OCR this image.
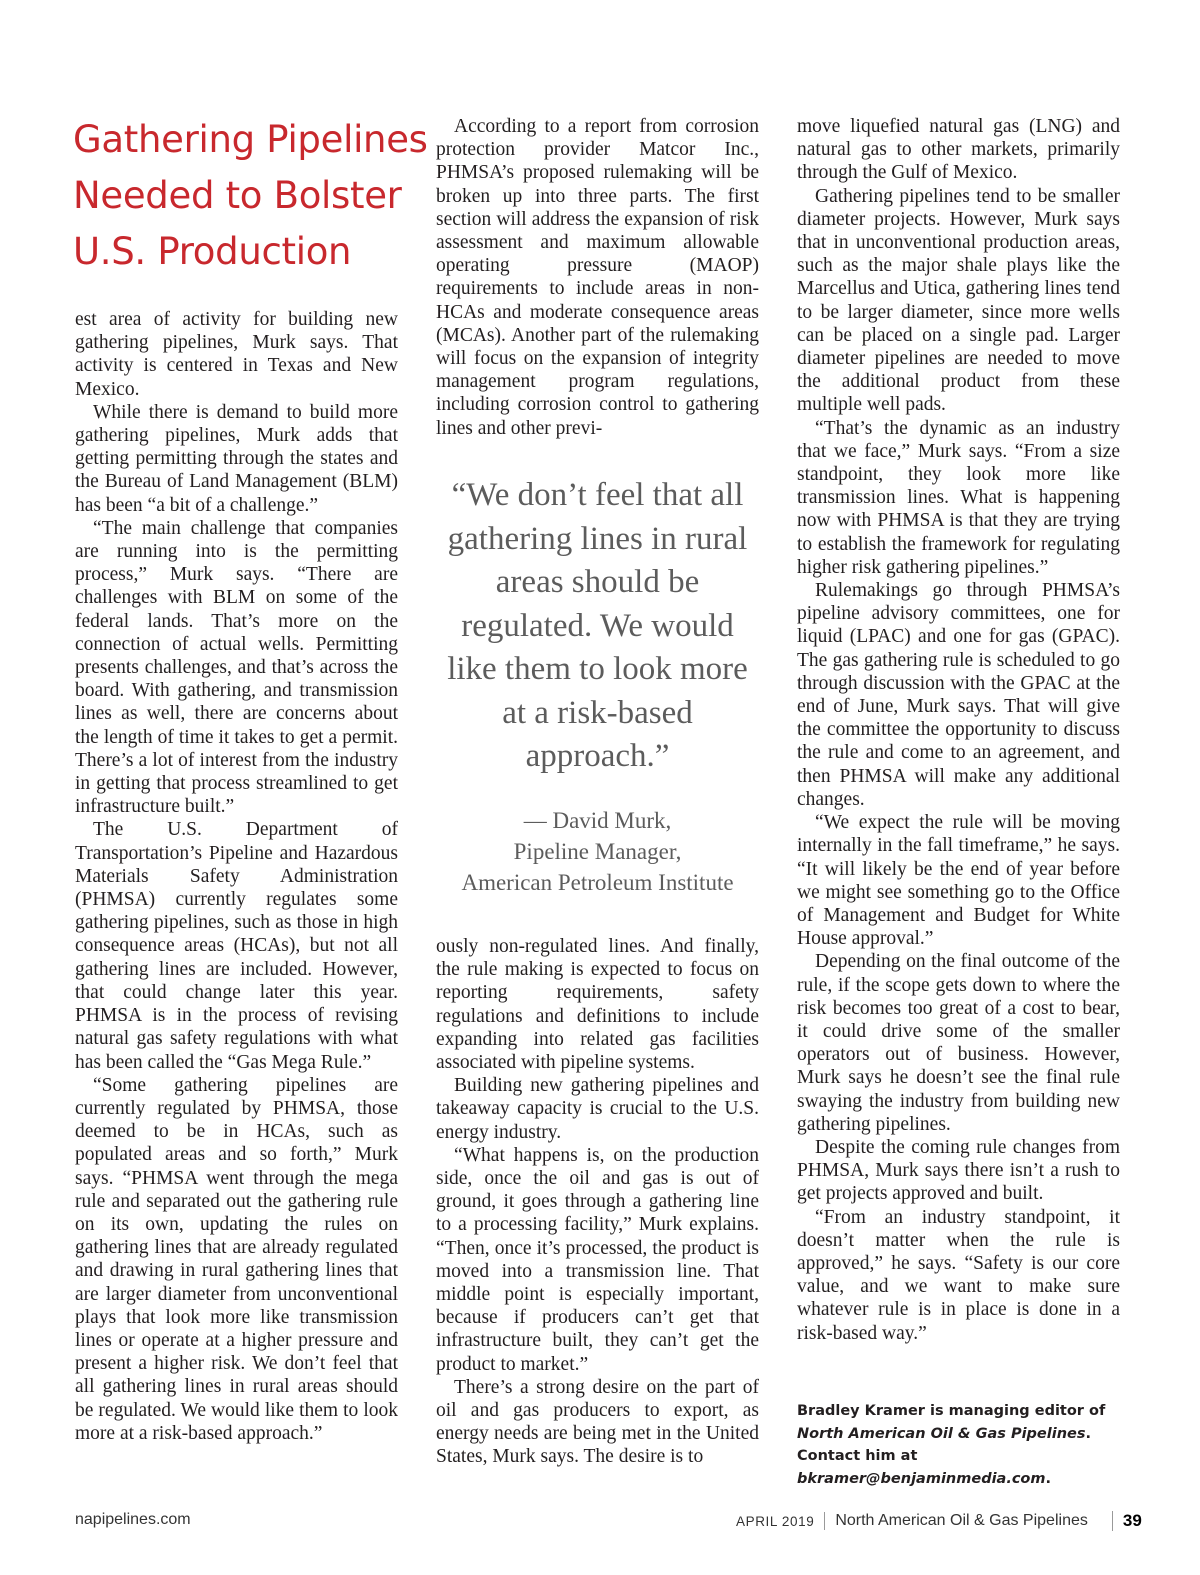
Gathering Pipelines
Needed to Bolster
U.S. Production

est area of activity for building new gathering pipelines, Murk says. That activity is centered in Texas and New Mexico.

While there is demand to build more gathering pipelines, Murk adds that getting permitting through the states and the Bureau of Land Management (BLM) has been “a bit of a challenge.”

“The main challenge that companies are running into is the permitting process,” Murk says. “There are challenges with BLM on some of the federal lands. That’s more on the connection of actual wells. Permitting presents challenges, and that’s across the board. With gathering, and transmission lines as well, there are concerns about the length of time it takes to get a permit. There’s a lot of interest from the industry in getting that process streamlined to get infrastructure built.”

The U.S. Department of Transportation’s Pipeline and Hazardous Materials Safety Administration (PHMSA) currently regulates some gathering pipelines, such as those in high consequence areas (HCAs), but not all gathering lines are included. However, that could change later this year. PHMSA is in the process of revising natural gas safety regulations with what has been called the “Gas Mega Rule.”

“Some gathering pipelines are currently regulated by PHMSA, those deemed to be in HCAs, such as populated areas and so forth,” Murk says. “PHMSA went through the mega rule and separated out the gathering rule on its own, updating the rules on gathering lines that are already regulated and drawing in rural gathering lines that are larger diameter from unconventional plays that look more like transmission lines or operate at a higher pressure and present a higher risk. We don’t feel that all gathering lines in rural areas should be regulated. We would like them to look more at a risk-based approach.”

According to a report from corrosion protection provider Matcor Inc., PHMSA’s proposed rulemaking will be broken up into three parts. The first section will address the expansion of risk assessment and maximum allowable operating pressure (MAOP) requirements to include areas in non-HCAs and moderate consequence areas (MCAs). Another part of the rulemaking will focus on the expansion of integrity management program regulations, including corrosion control to gathering lines and other previ-

“We don’t feel that all gathering lines in rural areas should be regulated. We would like them to look more at a risk-based approach.”

— David Murk,
Pipeline Manager,
American Petroleum Institute

ously non-regulated lines. And finally, the rule making is expected to focus on reporting requirements, safety regulations and definitions to include expanding into related gas facilities associated with pipeline systems.

Building new gathering pipelines and takeaway capacity is crucial to the U.S. energy industry.

“What happens is, on the production side, once the oil and gas is out of ground, it goes through a gathering line to a processing facility,” Murk explains. “Then, once it’s processed, the product is moved into a transmission line. That middle point is especially important, because if producers can’t get that infrastructure built, they can’t get the product to market.”

There’s a strong desire on the part of oil and gas producers to export, as energy needs are being met in the United States, Murk says. The desire is to

move liquefied natural gas (LNG) and natural gas to other markets, primarily through the Gulf of Mexico.

Gathering pipelines tend to be smaller diameter projects. However, Murk says that in unconventional production areas, such as the major shale plays like the Marcellus and Utica, gathering lines tend to be larger diameter, since more wells can be placed on a single pad. Larger diameter pipelines are needed to move the additional product from these multiple well pads.

“That’s the dynamic as an industry that we face,” Murk says. “From a size standpoint, they look more like transmission lines. What is happening now with PHMSA is that they are trying to establish the framework for regulating higher risk gathering pipelines.”

Rulemakings go through PHMSA’s pipeline advisory committees, one for liquid (LPAC) and one for gas (GPAC). The gas gathering rule is scheduled to go through discussion with the GPAC at the end of June, Murk says. That will give the committee the opportunity to discuss the rule and come to an agreement, and then PHMSA will make any additional changes.

“We expect the rule will be moving internally in the fall timeframe,” he says. “It will likely be the end of year before we might see something go to the Office of Management and Budget for White House approval.”

Depending on the final outcome of the rule, if the scope gets down to where the risk becomes too great of a cost to bear, it could drive some of the smaller operators out of business. However, Murk says he doesn’t see the final rule swaying the industry from building new gathering pipelines.

Despite the coming rule changes from PHMSA, Murk says there isn’t a rush to get projects approved and built.

“From an industry standpoint, it doesn’t matter when the rule is approved,” he says. “Safety is our core value, and we want to make sure whatever rule is in place is done in a risk-based way.”

Bradley Kramer is managing editor of North American Oil & Gas Pipelines. Contact him at bkramer@benjaminmedia.com.
napipelines.com	APRIL 2019 North American Oil & Gas Pipelines 39
